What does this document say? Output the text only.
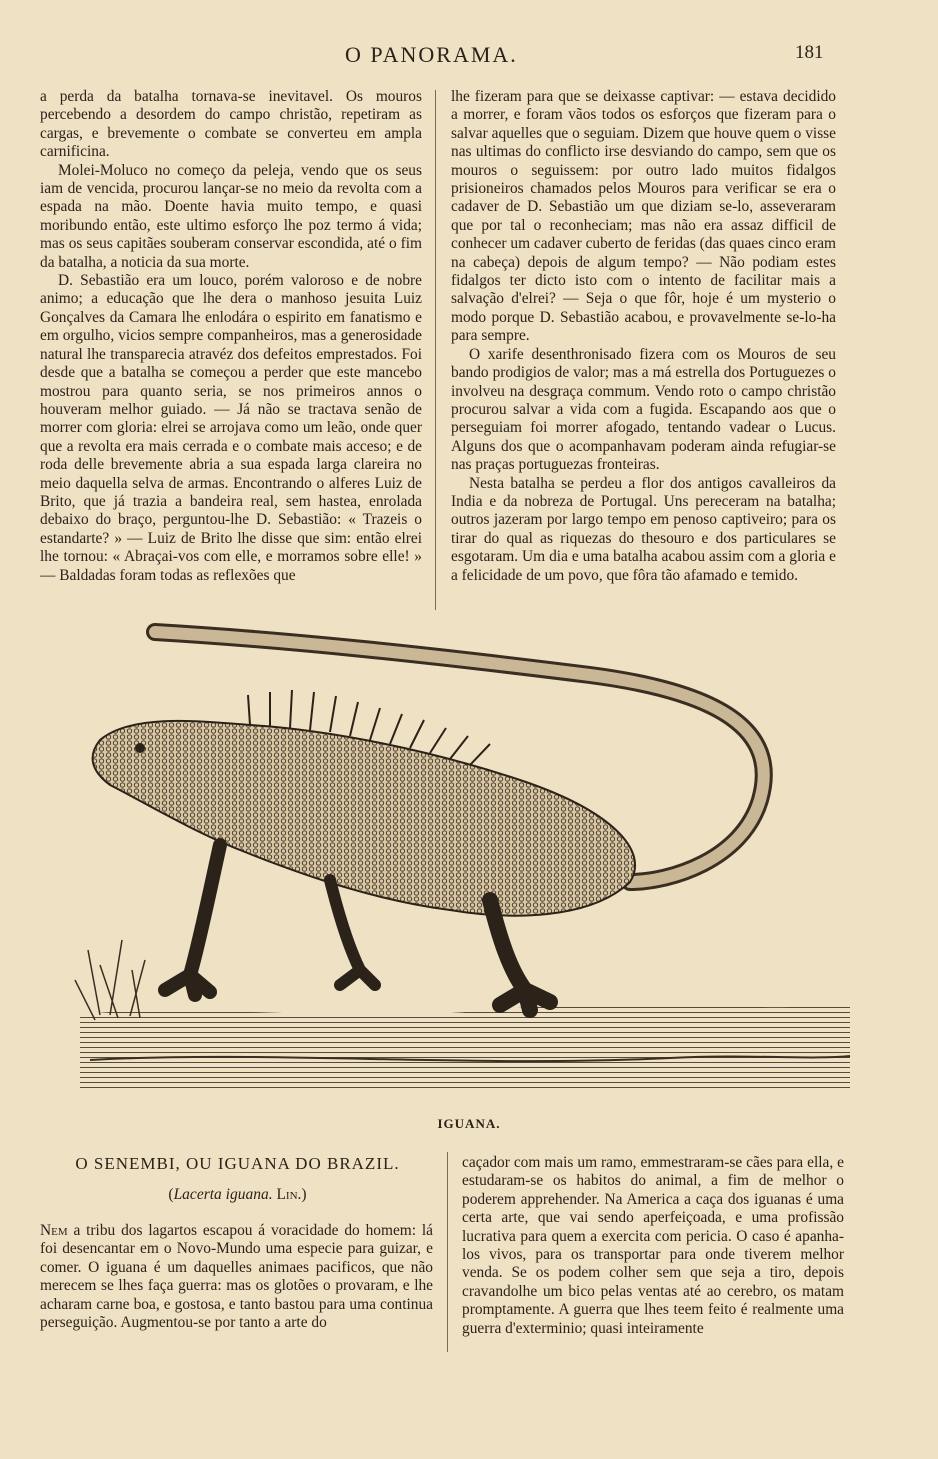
O PANORAMA.	181

a perda da batalha tornava-se inevitavel. Os mouros percebendo a desordem do campo christão, repetiram as cargas, e brevemente o combate se converteu em ampla carnificina.

Molei-Moluco no começo da peleja, vendo que os seus iam de vencida, procurou lançar-se no meio da revolta com a espada na mão. Doente havia muito tempo, e quasi moribundo então, este ultimo esforço lhe poz termo á vida; mas os seus capitães souberam conservar escondida, até o fim da batalha, a noticia da sua morte.

D. Sebastião era um louco, porém valoroso e de nobre animo; a educação que lhe dera o manhoso jesuita Luiz Gonçalves da Camara lhe enlodára o espirito em fanatismo e em orgulho, vicios sempre companheiros, mas a generosidade natural lhe transparecia atravéz dos defeitos emprestados. Foi desde que a batalha se começou a perder que este mancebo mostrou para quanto seria, se nos primeiros annos o houveram melhor guiado. — Já não se tractava senão de morrer com gloria: elrei se arrojava como um leão, onde quer que a revolta era mais cerrada e o combate mais acceso; e de roda delle brevemente abria a sua espada larga clareira no meio daquella selva de armas. Encontrando o alferes Luiz de Brito, que já trazia a bandeira real, sem hastea, enrolada debaixo do braço, perguntou-lhe D. Sebastião: « Trazeis o estandarte? » — Luiz de Brito lhe disse que sim: então elrei lhe tornou: « Abraçai-vos com elle, e morramos sobre elle! » — Baldadas foram todas as reflexões que

lhe fizeram para que se deixasse captivar: — estava decidido a morrer, e foram vãos todos os esforços que fizeram para o salvar aquelles que o seguiam. Dizem que houve quem o visse nas ultimas do conflicto irse desviando do campo, sem que os mouros o seguissem: por outro lado muitos fidalgos prisioneiros chamados pelos Mouros para verificar se era o cadaver de D. Sebastião um que diziam se-lo, asseveraram que por tal o reconheciam; mas não era assaz difficil de conhecer um cadaver cuberto de feridas (das quaes cinco eram na cabeça) depois de algum tempo? — Não podiam estes fidalgos ter dicto isto com o intento de facilitar mais a salvação d'elrei? — Seja o que fôr, hoje é um mysterio o modo porque D. Sebastião acabou, e provavelmente se-lo-ha para sempre.

O xarife desenthronisado fizera com os Mouros de seu bando prodigios de valor; mas a má estrella dos Portuguezes o involveu na desgraça commum. Vendo roto o campo christão procurou salvar a vida com a fugida. Escapando aos que o perseguiam foi morrer afogado, tentando vadear o Lucus. Alguns dos que o acompanhavam poderam ainda refugiar-se nas praças portuguezas fronteiras.

Nesta batalha se perdeu a flor dos antigos cavalleiros da India e da nobreza de Portugal. Uns pereceram na batalha; outros jazeram por largo tempo em penoso captiveiro; para os tirar do qual as riquezas do thesouro e dos particulares se esgotaram. Um dia e uma batalha acabou assim com a gloria e a felicidade de um povo, que fôra tão afamado e temido.

IGUANA.
O SENEMBI, OU IGUANA DO BRAZIL.
(Lacerta iguana. Lin.)

Nem a tribu dos lagartos escapou á voracidade do homem: lá foi desencantar em o Novo-Mundo uma especie para guizar, e comer. O iguana é um daquelles animaes pacificos, que não merecem se lhes faça guerra: mas os glotões o provaram, e lhe acharam carne boa, e gostosa, e tanto bastou para uma continua perseguição. Augmentou-se por tanto a arte do

caçador com mais um ramo, emmestraram-se cães para ella, e estudaram-se os habitos do animal, a fim de melhor o poderem apprehender. Na America a caça dos iguanas é uma certa arte, que vai sendo aperfeiçoada, e uma profissão lucrativa para quem a exercita com pericia. O caso é apanha-los vivos, para os transportar para onde tiverem melhor venda. Se os podem colher sem que seja a tiro, depois cravandolhe um bico pelas ventas até ao cerebro, os matam promptamente. A guerra que lhes teem feito é realmente uma guerra d'exterminio; quasi inteiramente
